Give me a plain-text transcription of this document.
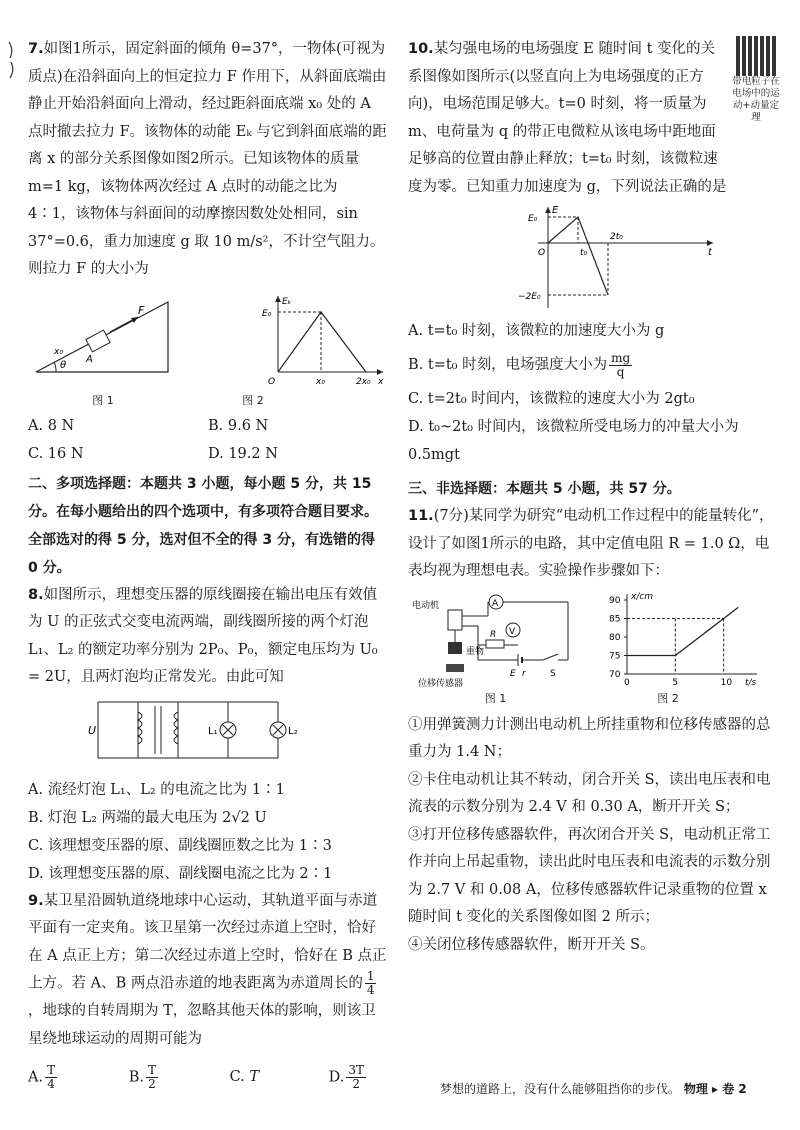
7.如图1所示，固定斜面的倾角 θ=37°，一物体(可视为质点)在沿斜面向上的恒定拉力 F 作用下，从斜面底端由静止开始沿斜面向上滑动，经过距斜面底端 x₀ 处的 A 点时撤去拉力 F。该物体的动能 Eₖ 与它到斜面底端的距离 x 的部分关系图像如图2所示。已知该物体的质量 m=1 kg，该物体两次经过 A 点时的动能之比为 4∶1，该物体与斜面间的动摩擦因数处处相同，sin 37°=0.6，重力加速度 g 取 10 m/s²，不计空气阻力。则拉力 F 的大小为

F
A
x₀
θ
Eₖ
E₀
O	x₀	2x₀ x
图 1	图 2
A. 8 N	B. 9.6 N
C. 16 N	D. 19.2 N

二、多项选择题：本题共 3 小题，每小题 5 分，共 15 分。在每小题给出的四个选项中，有多项符合题目要求。全部选对的得 5 分，选对但不全的得 3 分，有选错的得 0 分。

8.如图所示，理想变压器的原线圈接在输出电压有效值为 U 的正弦式交变电流两端，副线圈所接的两个灯泡 L₁、L₂ 的额定功率分别为 2P₀、P₀，额定电压均为 U₀ = 2U，且两灯泡均正常发光。由此可知

U	L₁	L₂

A. 流经灯泡 L₁、L₂ 的电流之比为 1∶1

B. 灯泡 L₂ 两端的最大电压为 2√2 U

C. 该理想变压器的原、副线圈匝数之比为 1∶3

D. 该理想变压器的原、副线圈电流之比为 2∶1

9.某卫星沿圆轨道绕地球中心运动，其轨道平面与赤道平面有一定夹角。该卫星第一次经过赤道上空时，恰好在 A 点正上方；第二次经过赤道上空时，恰好在 B 点正上方。若 A、B 两点沿赤道的地表距离为赤道周长的 $\frac{1}{4}$
，地球的自转周期为 T，忽略其他天体的影响，则该卫星绕地球运动的周期可能为

A. $\frac{T}{4}$	B. $\frac{T}{2}$	C. T	D. $\frac{3T}{2}$
带电粒子在电场中的运动+动量定理

10.某匀强电场的电场强度 E 随时间 t 变化的关系图像如图所示(以竖直向上为电场强度的正方向)，电场范围足够大。t=0 时刻，将一质量为 m、电荷量为 q 的带正电微粒从该电场中距地面足够高的位置由静止释放；t=t₀ 时刻，该微粒速度为零。已知重力加速度为 g，下列说法正确的是

E
E₀
−2E₀
O	t₀
2t₀
t

A. t=t₀ 时刻，该微粒的加速度大小为 g

B. t=t₀ 时刻，电场强度大小为 $\frac{mg}{q}$

C. t=2t₀ 时间内，该微粒的速度大小为 2gt₀

D. t₀~2t₀ 时间内，该微粒所受电场力的冲量大小为 0.5mgt

三、非选择题：本题共 5 小题，共 57 分。

11.(7分)某同学为研究“电动机工作过程中的能量转化”，设计了如图1所示的电路，其中定值电阻 R = 1.0 Ω，电表均视为理想电表。实验操作步骤如下：

电动机	A
V
R
E r	S
重物
位移传感器
70
75
80
85
90
0	5	10
x/cm
t/s
图 1	图 2

①用弹簧测力计测出电动机上所挂重物和位移传感器的总重力为 1.4 N；

②卡住电动机让其不转动，闭合开关 S，读出电压表和电流表的示数分别为 2.4 V 和 0.30 A，断开开关 S；

③打开位移传感器软件，再次闭合开关 S，电动机正常工作并向上吊起重物，读出此时电压表和电流表的示数分别为 2.7 V 和 0.08 A，位移传感器软件记录重物的位置 x 随时间 t 变化的关系图像如图 2 所示；

④关闭位移传感器软件，断开开关 S。

梦想的道路上，没有什么能够阻挡你的步伐。 物理 ▸ 卷 2
